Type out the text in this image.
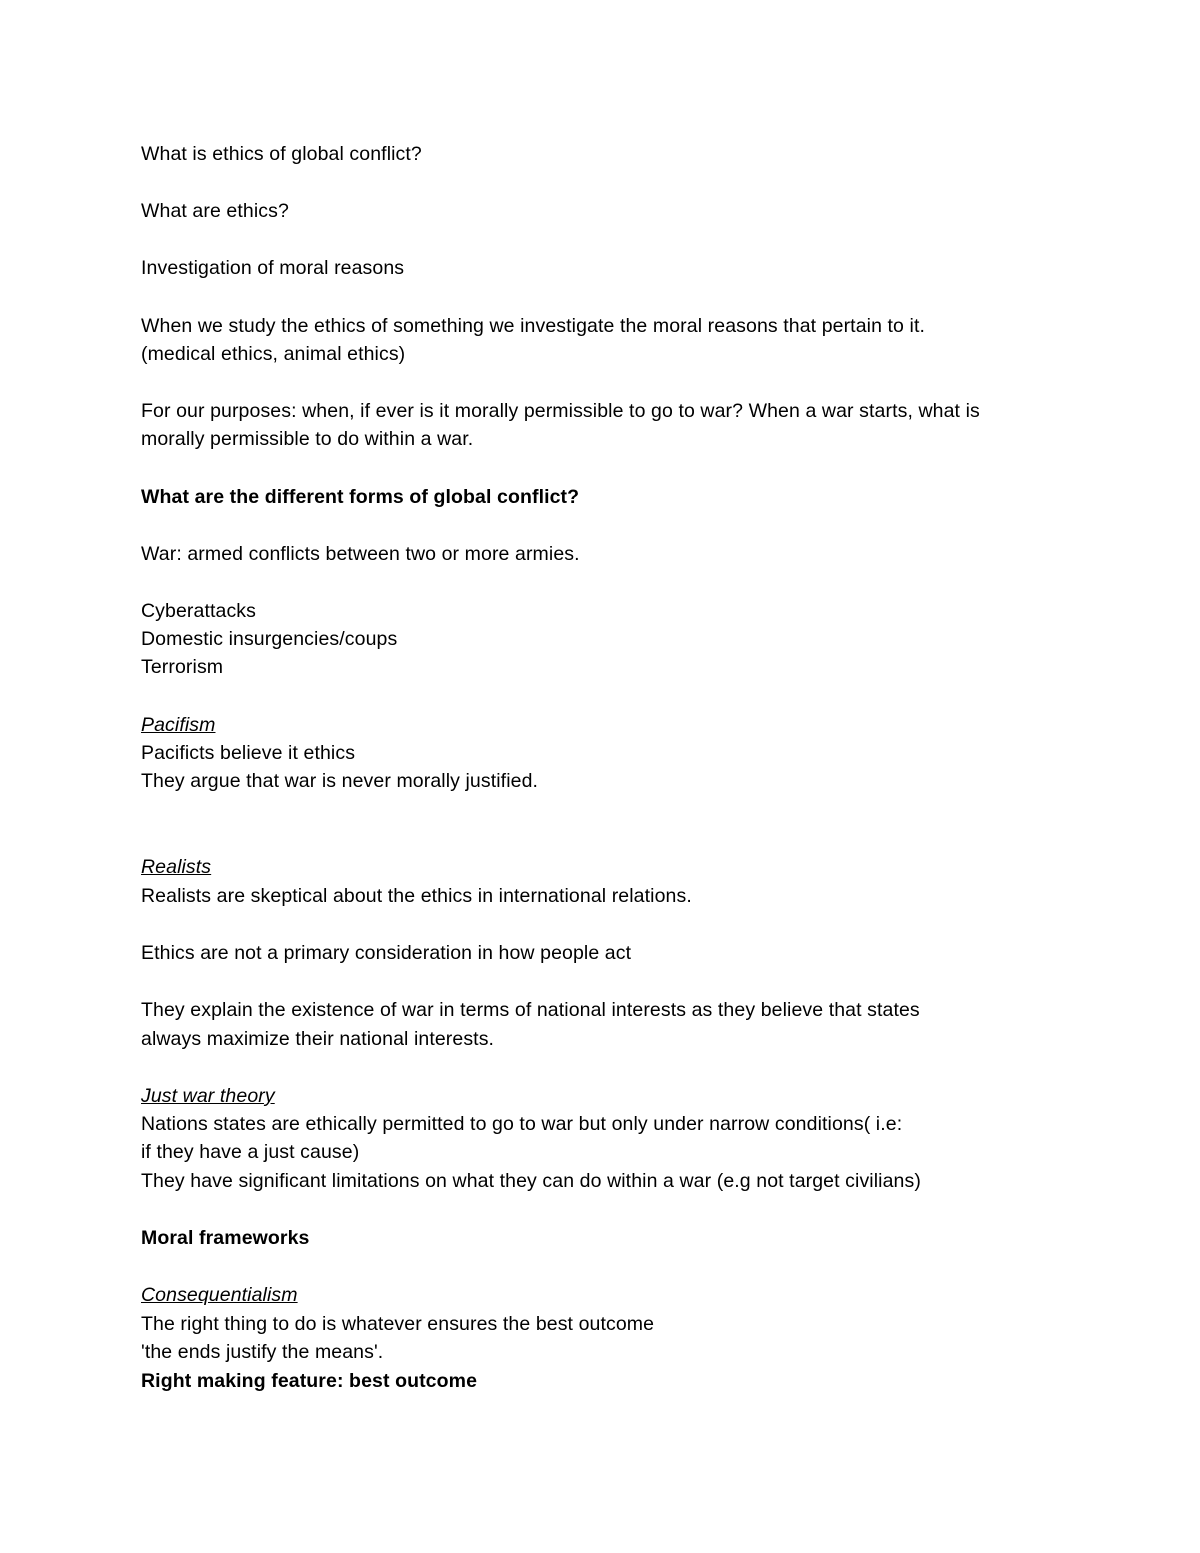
What is ethics of global conflict?
What are ethics?
Investigation of moral reasons
When we study the ethics of something we investigate the moral reasons that pertain to it.
(medical ethics, animal ethics)
For our purposes: when, if ever is it morally permissible to go to war? When a war starts, what is
morally permissible to do within a war.
What are the different forms of global conflict?
War: armed conflicts between two or more armies.
Cyberattacks
Domestic insurgencies/coups
Terrorism
Pacifism
Pacificts believe it ethics
They argue that war is never morally justified.
Realists
Realists are skeptical about the ethics in international relations.
Ethics are not a primary consideration in how people act
They explain the existence of war in terms of national interests as they believe that states
always maximize their national interests.
Just war theory
Nations states are ethically permitted to go to war but only under narrow conditions( i.e:
if they have a just cause)
They have significant limitations on what they can do within a war (e.g not target civilians)
Moral frameworks
Consequentialism
The right thing to do is whatever ensures the best outcome
'the ends justify the means'.
Right making feature: best outcome
